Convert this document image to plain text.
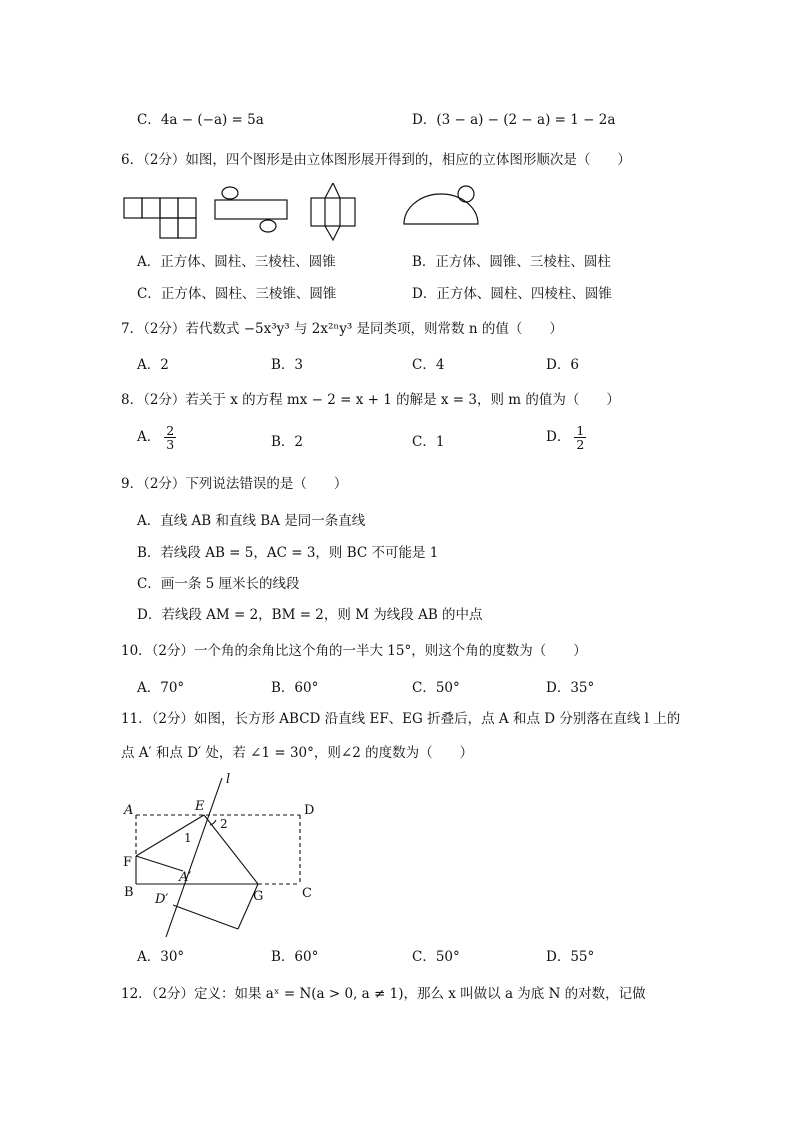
C．4a − (−a) = 5a	D．(3 − a) − (2 − a) = 1 − 2a
6．（2分）如图，四个图形是由立体图形展开得到的，相应的立体图形顺次是（　　）
A．正方体、圆柱、三棱柱、圆锥	B．正方体、圆锥、三棱柱、圆柱
C．正方体、圆柱、三棱锥、圆锥	D．正方体、圆柱、四棱柱、圆锥
7．（2分）若代数式 −5x³y³ 与 2x²ⁿy³ 是同类项，则常数 n 的值（　　）
A．2	B．3	C．4	D．6
8．（2分）若关于 x 的方程 mx − 2 = x + 1 的解是 x = 3，则 m 的值为（　　）
A． $\frac{2}{3}$	B．2	C．1	D． $\frac{1}{2}$
9．（2分）下列说法错误的是（　　）
A．直线 AB 和直线 BA 是同一条直线
B．若线段 AB = 5，AC = 3，则 BC 不可能是 1
C．画一条 5 厘米长的线段
D．若线段 AM = 2，BM = 2，则 M 为线段 AB 的中点
10．（2分）一个角的余角比这个角的一半大 15°，则这个角的度数为（　　）
A．70°	B．60°	C．50°	D．35°
11．（2分）如图，长方形 ABCD 沿直线 EF、EG 折叠后，点 A 和点 D 分别落在直线 l 上的
点 A′ 和点 D′ 处，若 ∠1 = 30°，则∠2 的度数为（　　）
A
B	C
D
E
F
G
A′
D′
l
1
2
A．30°	B．60°	C．50°	D．55°
12．（2分）定义：如果 aˣ = N(a > 0, a ≠ 1)，那么 x 叫做以 a 为底 N 的对数，记做
